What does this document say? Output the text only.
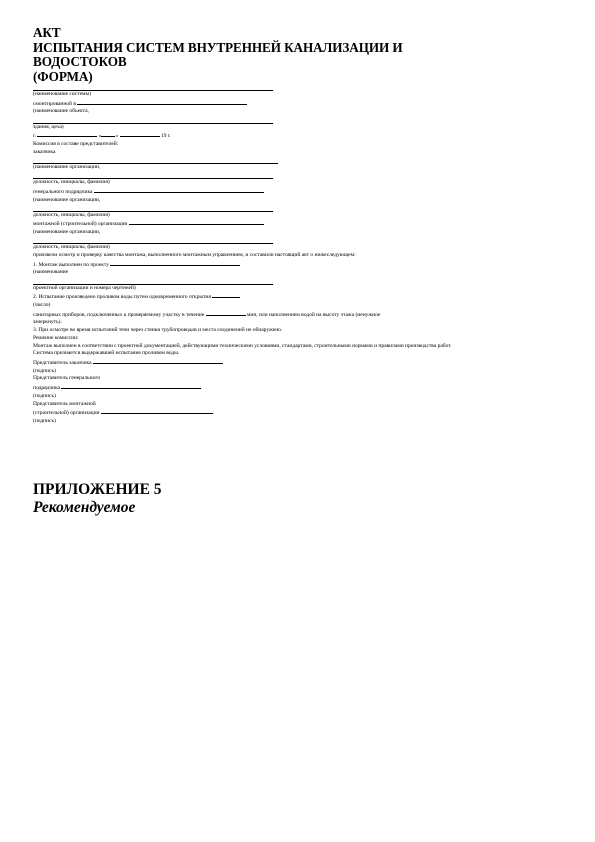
АКТ
ИСПЫТАНИЯ СИСТЕМ ВНУТРЕННЕЙ КАНАЛИЗАЦИИ И
ВОДОСТОКОВ
(ФОРМА)
(наименование системы)
смонтированной в
(наименование объекта,
здания, цеха)
г.	«	»	19 г.
Комиссия в составе представителей:
заказчика
(наименование организации,
должность, инициалы, фамилия)
генерального подрядчика
(наименование организации,
должность, инициалы, фамилия)
монтажной (строительной) организации
(наименование организации,
должность, инициалы, фамилия)
произвели осмотр и проверку качества монтажа, выполненного монтажным управлением, и составили настоящий акт о нижеследующем:
1. Монтаж выполнен по проекту
(наименование
проектной организации и номера чертежей)
2. Испытание произведено проливом воды путем одновременного открытия
(число)
санитарных приборов, подключенных к проверяемому участку в течение	мин, или наполнением водой на высоту этажа (ненужное
зачеркнуть).
3. При осмотре во время испытаний течи через стенки трубопроводов и места соединений не обнаружено.
Решение комиссии:
Монтаж выполнен в соответствии с проектной документацией, действующими техническими условиями, стандартами, строительными нормами и правилами производства работ.
Система признается выдержавшей испытание проливом воды.
Представитель заказчика
(подпись)
Представитель генерального
подрядчика
(подпись)
Представитель монтажной
(строительной) организации
(подпись)
ПРИЛОЖЕНИЕ 5
Рекомендуемое
